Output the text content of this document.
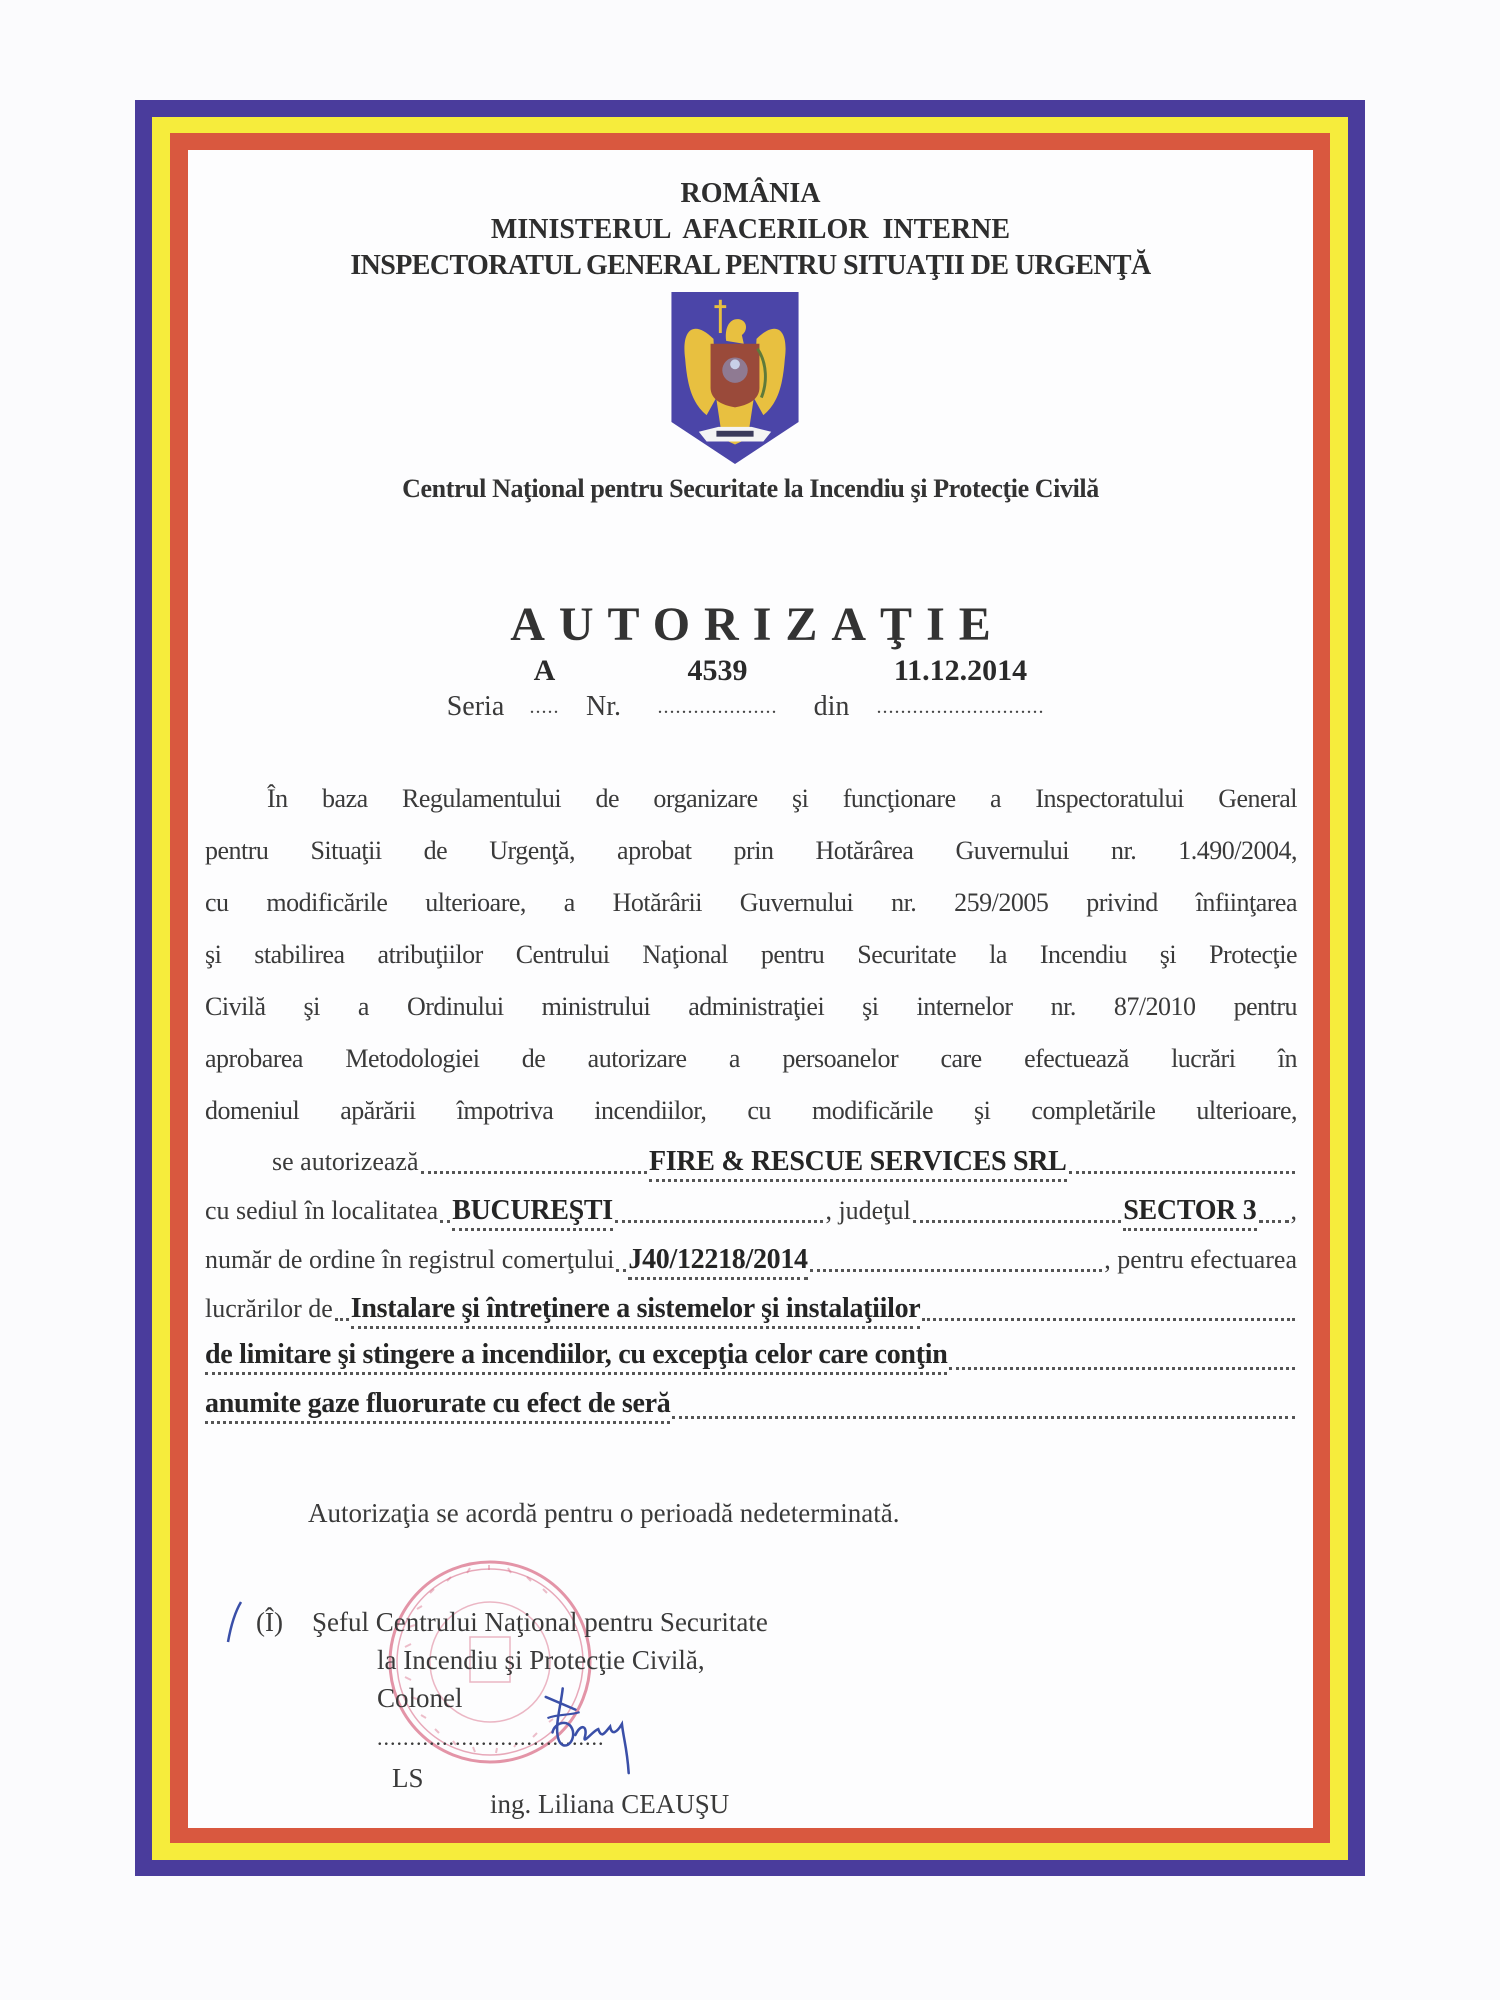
ROMÂNIA
MINISTERUL  AFACERILOR  INTERNE
INSPECTORATUL GENERAL PENTRU SITUAŢII DE URGENŢĂ
Centrul Naţional pentru Securitate la Incendiu şi Protecţie Civilă
AUTORIZAŢIE
A	4539	11.12.2014
Seria ..... Nr. .................... din ............................
În baza Regulamentului de organizare şi funcţionare a Inspectoratului General
pentru Situaţii de Urgenţă, aprobat prin Hotărârea Guvernului nr. 1.490/2004,
cu modificările ulterioare, a Hotărârii Guvernului nr. 259/2005 privind înfiinţarea
şi stabilirea atribuţiilor Centrului Naţional pentru Securitate la Incendiu şi Protecţie
Civilă şi a Ordinului ministrului administraţiei şi internelor nr. 87/2010 pentru
aprobarea Metodologiei de autorizare a persoanelor care efectuează lucrări în
domeniul apărării împotriva incendiilor, cu modificările şi completările ulterioare,
se autorizează	FIRE & RESCUE SERVICES SRL
cu sediul în localitatea BUCUREŞTI	, judeţul	SECTOR 3 ,
număr de ordine în registrul comerţului J40/12218/2014	, pentru efectuarea
lucrărilor de Instalare şi întreţinere a sistemelor şi instalaţiilor
de limitare şi stingere a incendiilor, cu excepţia celor care conţin
anumite gaze fluorurate cu efect de seră
Autorizaţia se acordă pentru o perioadă nedeterminată.
(Î) Şeful Centrului Naţional pentru Securitate
la Incendiu şi Protecţie Civilă,
Colonel
...................................
LS
ing. Liliana CEAUŞU
